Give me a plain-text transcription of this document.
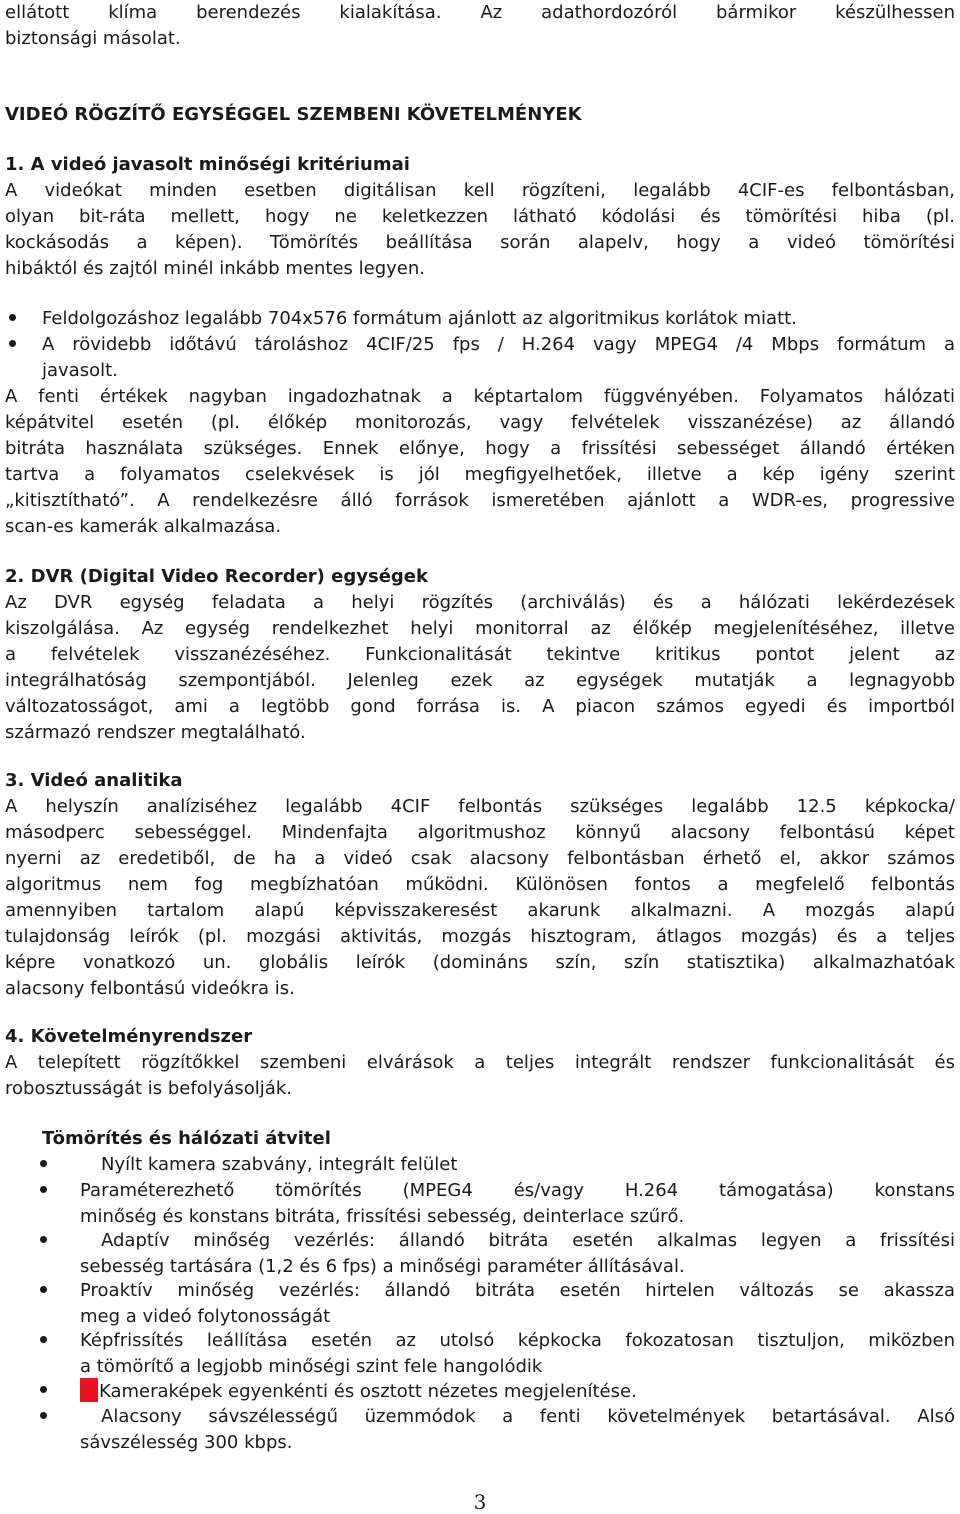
ellátott klíma berendezés kialakítása. Az adathordozóról bármikor készülhessen
biztonsági másolat.
VIDEÓ RÖGZÍTŐ EGYSÉGGEL SZEMBENI KÖVETELMÉNYEK
1. A videó javasolt minőségi kritériumai
A videókat minden esetben digitálisan kell rögzíteni, legalább 4CIF-es felbontásban,
olyan bit-ráta mellett, hogy ne keletkezzen látható kódolási és tömörítési hiba (pl.
kockásodás a képen). Tömörítés beállítása során alapelv, hogy a videó tömörítési
hibáktól és zajtól minél inkább mentes legyen.
Feldolgozáshoz legalább 704x576 formátum ajánlott az algoritmikus korlátok miatt.
A rövidebb időtávú tároláshoz 4CIF/25 fps / H.264 vagy MPEG4 /4 Mbps formátum a
javasolt.
A fenti értékek nagyban ingadozhatnak a képtartalom függvényében. Folyamatos hálózati
képátvitel esetén (pl. élőkép monitorozás, vagy felvételek visszanézése) az állandó
bitráta használata szükséges. Ennek előnye, hogy a frissítési sebességet állandó értéken
tartva a folyamatos cselekvések is jól megfigyelhetőek, illetve a kép igény szerint
„kitisztítható”. A rendelkezésre álló források ismeretében ajánlott a WDR-es, progressive
scan-es kamerák alkalmazása.
2. DVR (Digital Video Recorder) egységek
Az DVR egység feladata a helyi rögzítés (archiválás) és a hálózati lekérdezések
kiszolgálása. Az egység rendelkezhet helyi monitorral az élőkép megjelenítéséhez, illetve
a felvételek visszanézéséhez. Funkcionalitását tekintve kritikus pontot jelent az
integrálhatóság szempontjából. Jelenleg ezek az egységek mutatják a legnagyobb
változatosságot, ami a legtöbb gond forrása is. A piacon számos egyedi és importból
származó rendszer megtalálható.
3. Videó analitika
A helyszín analíziséhez legalább 4CIF felbontás szükséges legalább 12.5 képkocka/
másodperc sebességgel. Mindenfajta algoritmushoz könnyű alacsony felbontású képet
nyerni az eredetiből, de ha a videó csak alacsony felbontásban érhető el, akkor számos
algoritmus nem fog megbízhatóan működni. Különösen fontos a megfelelő felbontás
amennyiben tartalom alapú képvisszakeresést akarunk alkalmazni. A mozgás alapú
tulajdonság leírók (pl. mozgási aktivitás, mozgás hisztogram, átlagos mozgás) és a teljes
képre vonatkozó un. globális leírók (domináns szín, szín statisztika) alkalmazhatóak
alacsony felbontású videókra is.
4. Követelményrendszer
A telepített rögzítőkkel szembeni elvárások a teljes integrált rendszer funkcionalitását és
robosztusságát is befolyásolják.
Tömörítés és hálózati átvitel
Nyílt kamera szabvány, integrált felület
Paraméterezhető tömörítés (MPEG4 és/vagy H.264 támogatása) konstans
minőség és konstans bitráta, frissítési sebesség, deinterlace szűrő.
Adaptív minőség vezérlés: állandó bitráta esetén alkalmas legyen a frissítési
sebesség tartására (1,2 és 6 fps) a minőségi paraméter állításával.
Proaktív minőség vezérlés: állandó bitráta esetén hirtelen változás se akassza
meg a videó folytonosságát
Képfrissítés leállítása esetén az utolsó képkocka fokozatosan tisztuljon, miközben
a tömörítő a legjobb minőségi szint fele hangolódik
Kameraképek egyenkénti és osztott nézetes megjelenítése.
Alacsony sávszélességű üzemmódok a fenti követelmények betartásával. Alsó
sávszélesség 300 kbps.
3
